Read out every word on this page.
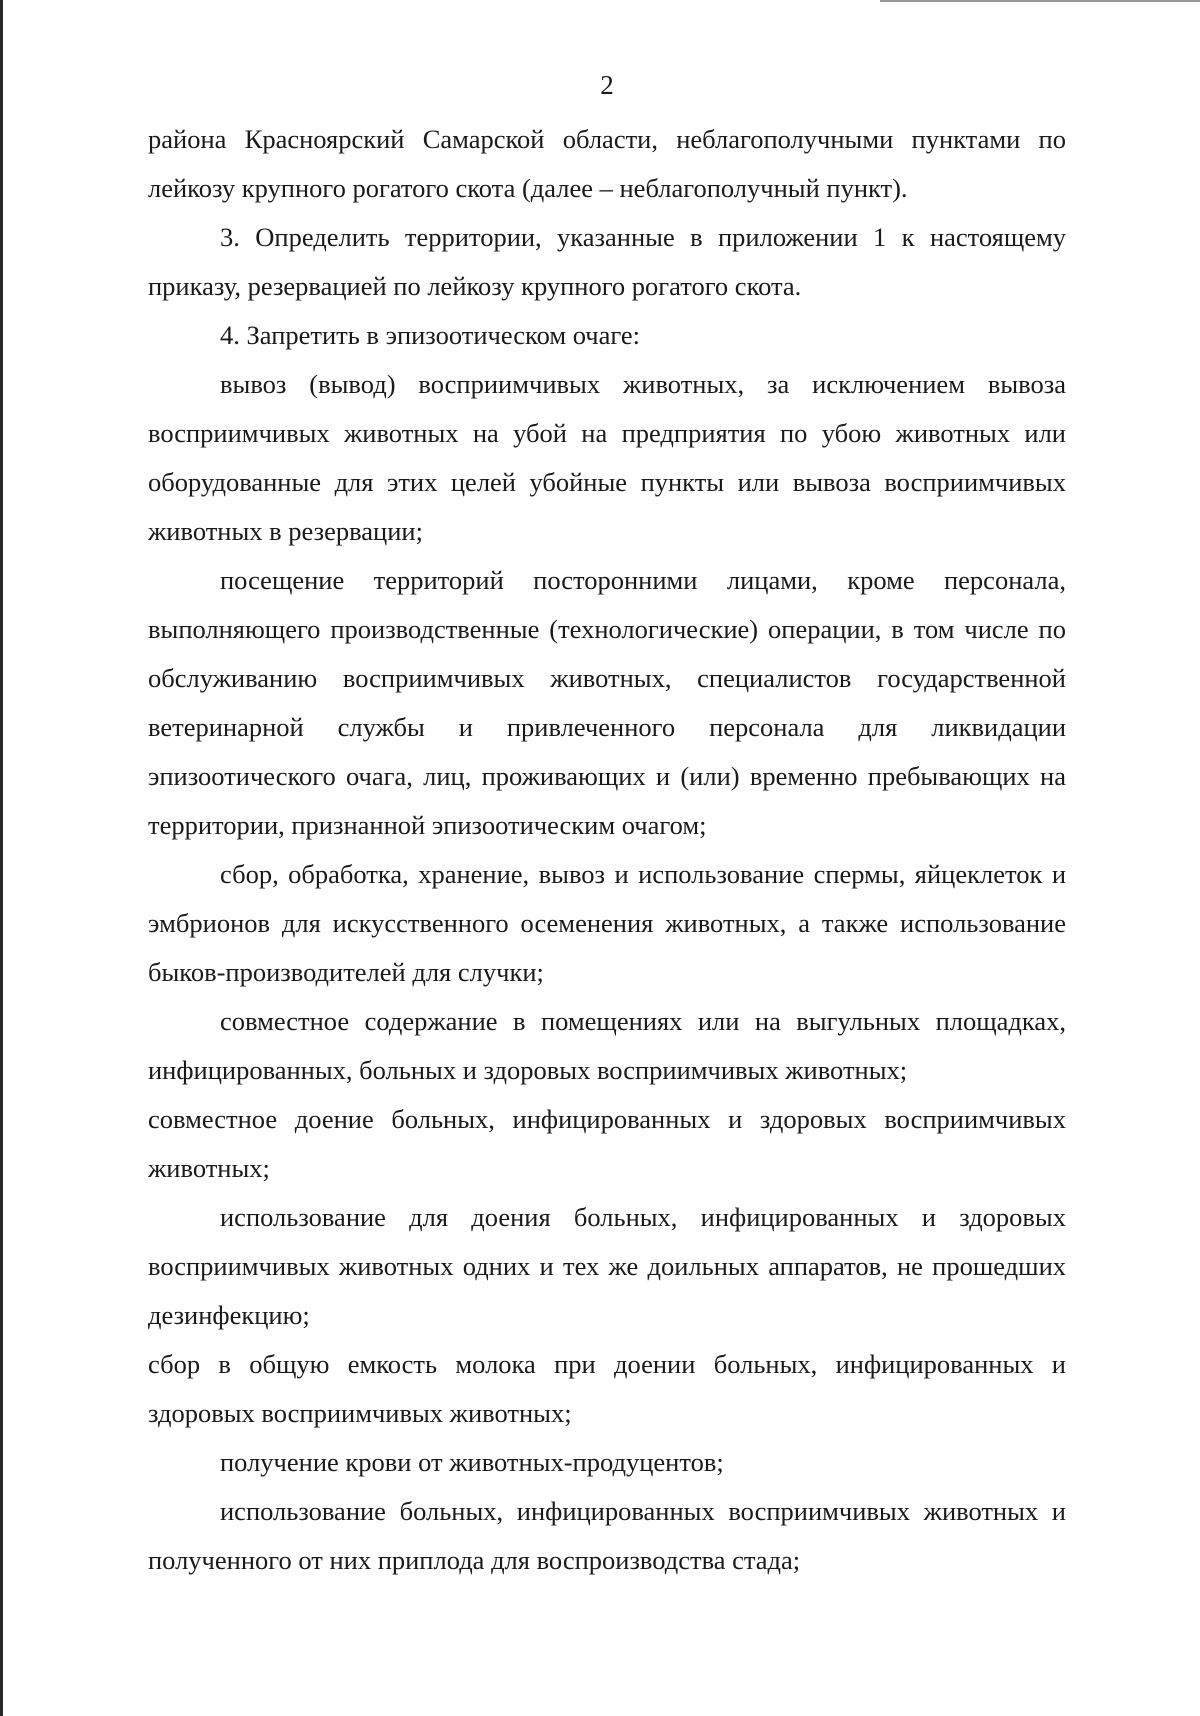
2

района Красноярский Самарской области, неблагополучными пунктами по лейкозу крупного рогатого скота (далее – неблагополучный пункт).

3. Определить территории, указанные в приложении 1 к настоящему приказу, резервацией по лейкозу крупного рогатого скота.

4. Запретить в эпизоотическом очаге:

вывоз (вывод) восприимчивых животных, за исключением вывоза восприимчивых животных на убой на предприятия по убою животных или оборудованные для этих целей убойные пункты или вывоза восприимчивых животных в резервации;

посещение территорий посторонними лицами, кроме персонала, выполняющего производственные (технологические) операции, в том числе по обслуживанию восприимчивых животных, специалистов государственной ветеринарной службы и привлеченного персонала для ликвидации эпизоотического очага, лиц, проживающих и (или) временно пребывающих на территории, признанной эпизоотическим очагом;

сбор, обработка, хранение, вывоз и использование спермы, яйцеклеток и эмбрионов для искусственного осеменения животных, а также использование быков-производителей для случки;

совместное содержание в помещениях или на выгульных площадках, инфицированных, больных и здоровых восприимчивых животных;

совместное доение больных, инфицированных и здоровых восприимчивых животных;

использование для доения больных, инфицированных и здоровых восприимчивых животных одних и тех же доильных аппаратов, не прошедших дезинфекцию;

сбор в общую емкость молока при доении больных, инфицированных и здоровых восприимчивых животных;

получение крови от животных-продуцентов;

использование больных, инфицированных восприимчивых животных и полученного от них приплода для воспроизводства стада;
